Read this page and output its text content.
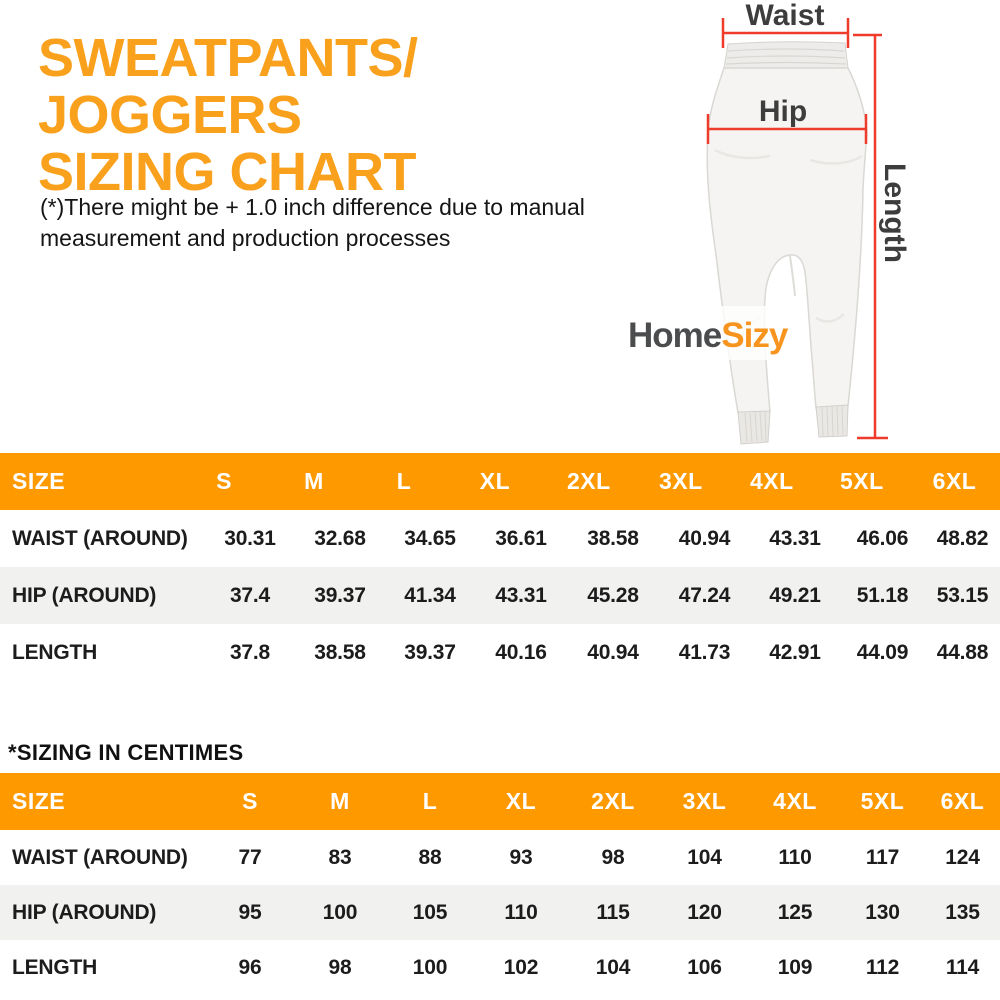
SWEATPANTS/ JOGGERS
SIZING CHART
(*)There might be + 1.0 inch difference due to manual measurement and production processes
Waist
Hip
Length
HomeSizy
SIZE	S	M	L	XL	2XL	3XL	4XL	5XL	6XL
WAIST (AROUND)	30.31	32.68	34.65	36.61	38.58	40.94	43.31	46.06	48.82
HIP (AROUND)	37.4	39.37	41.34	43.31	45.28	47.24	49.21	51.18	53.15
LENGTH	37.8	38.58	39.37	40.16	40.94	41.73	42.91	44.09	44.88
*SIZING IN CENTIMES
SIZE	S	M	L	XL	2XL	3XL	4XL	5XL	6XL
WAIST (AROUND)	77	83	88	93	98	104	110	117	124
HIP (AROUND)	95	100	105	110	115	120	125	130	135
LENGTH	96	98	100	102	104	106	109	112	114
